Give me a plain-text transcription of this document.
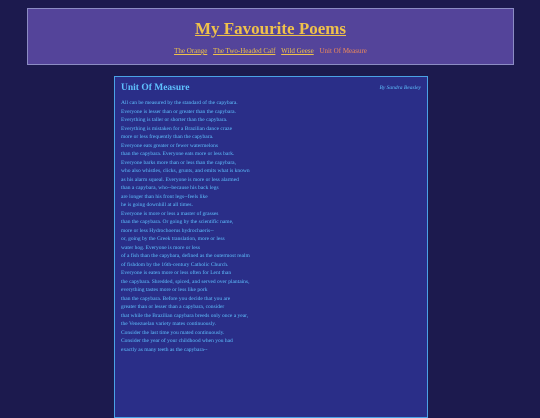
My Favourite Poems
The Orange The Two-Headed Calf Wild Geese Unit Of Measure
Unit Of Measure	By Sandra Beasley
All can be measured by the standard of the capybara.
Everyone is lesser than or greater than the capybara.
Everything is taller or shorter than the capybara.
Everything is mistaken for a Brazilian dance craze
more or less frequently than the capybara.
Everyone eats greater or fewer watermelons
than the capybara. Everyone eats more or less bark.
Everyone barks more than or less than the capybara,
who also whistles, clicks, grunts, and emits what is known
as his alarm squeal. Everyone is more or less alarmed
than a capybara, who--because his back legs
are longer than his front legs--feels like
he is going downhill at all times.
Everyone is more or less a master of grasses
than the capybara. Or going by the scientific name,
more or less Hydrochoerus hydrochaeris--
or, going by the Greek translation, more or less
water hog. Everyone is more or less
of a fish than the capybara, defined as the outermost realm
of fishdom by the 16th-century Catholic Church.
Everyone is eaten more or less often for Lent than
the capybara. Shredded, spiced, and served over plantains,
everything tastes more or less like pork
than the capybara. Before you decide that you are
greater than or lesser than a capybara, consider
that while the Brazilian capybara breeds only once a year,
the Venezuelan variety mates continuously.
Consider the last time you mated continuously.
Consider the year of your childhood when you had
exactly as many teeth as the capybara--
